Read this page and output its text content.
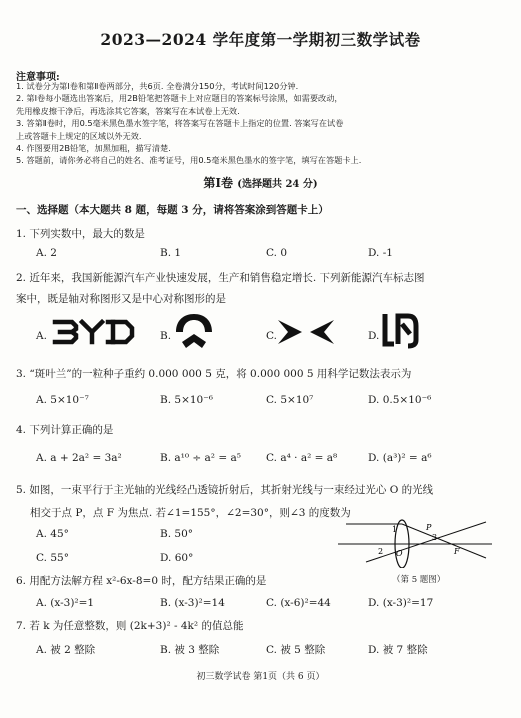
2023—2024 学年度第一学期初三数学试卷
注意事项:
1. 试卷分为第Ⅰ卷和第Ⅱ卷两部分，共6页. 全卷满分150分，考试时间120分钟.
2. 第Ⅰ卷每小题选出答案后，用2B铅笔把答题卡上对应题目的答案标号涂黑，如需要改动，
先用橡皮擦干净后，再选涂其它答案，答案写在本试卷上无效.
3. 答第Ⅱ卷时，用0.5毫米黑色墨水签字笔，将答案写在答题卡上指定的位置. 答案写在试卷
上或答题卡上规定的区域以外无效.
4. 作图要用2B铅笔，加黑加粗，描写清楚.
5. 答题前，请你务必将自己的姓名、准考证号，用0.5毫米黑色墨水的签字笔，填写在答题卡上.
第Ⅰ卷 (选择题共 24 分)
一、选择题（本大题共 8 题，每题 3 分，请将答案涂到答题卡上）
1. 下列实数中，最大的数是
A. 2	B. 1	C. 0	D. -1
2. 近年来，我国新能源汽车产业快速发展，生产和销售稳定增长. 下列新能源汽车标志图
案中，既是轴对称图形又是中心对称图形的是
A.	B.	C.	D.
3. “斑叶兰”的一粒种子重约 0.000 000 5 克，将 0.000 000 5 用科学记数法表示为
A. 5×10⁻⁷	B. 5×10⁻⁶	C. 5×10⁷	D. 0.5×10⁻⁶
4. 下列计算正确的是
A. a + 2a² = 3a²	B. a¹⁰ ÷ a² = a⁵ C. a⁴ · a² = a⁸	D. (a³)² = a⁶
5. 如图，一束平行于主光轴的光线经凸透镜折射后，其折射光线与一束经过光心 O 的光线
相交于点 P，点 F 为焦点. 若∠1=155°，∠2=30°，则∠3 的度数为
A. 45°	B. 50°
C. 55°	D. 60°
1
2
3
O
P
F
（第 5 题图）
6. 用配方法解方程 x²-6x-8=0 时，配方结果正确的是
A. (x-3)²=1	B. (x-3)²=14	C. (x-6)²=44	D. (x-3)²=17
7. 若 k 为任意整数，则 (2k+3)² - 4k² 的值总能
A. 被 2 整除	B. 被 3 整除	C. 被 5 整除	D. 被 7 整除
初三数学试卷 第1页（共 6 页）
